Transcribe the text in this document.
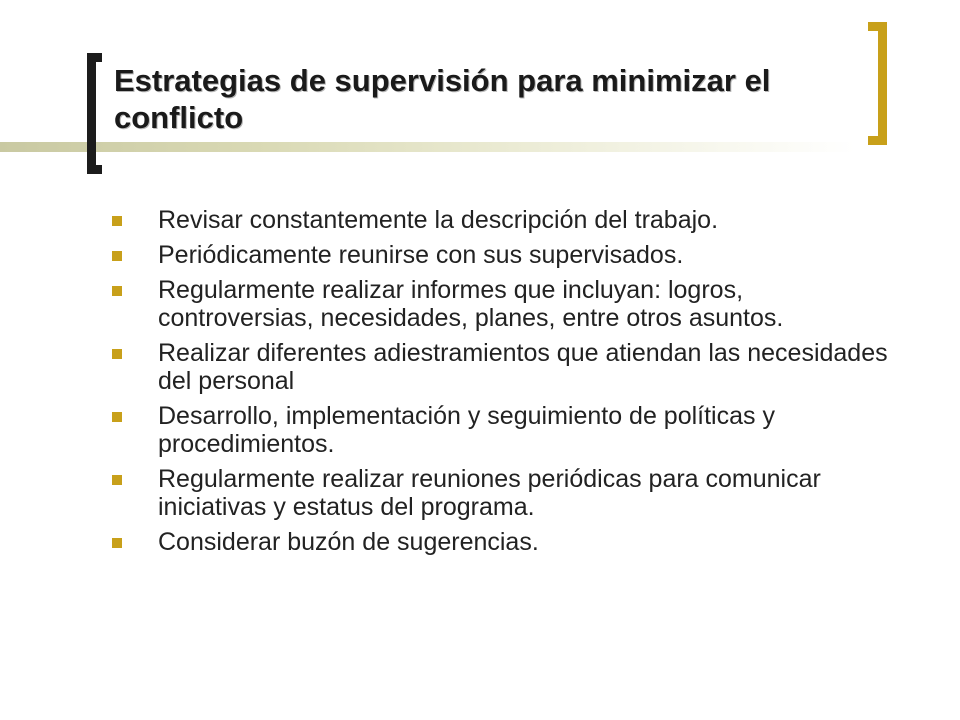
Estrategias de supervisión para minimizar el conflicto
Revisar constantemente la descripción del trabajo.
Periódicamente reunirse con sus supervisados.
Regularmente realizar informes que incluyan: logros, controversias, necesidades, planes, entre otros asuntos.
Realizar diferentes adiestramientos que atiendan las necesidades del personal
Desarrollo, implementación y seguimiento de políticas y procedimientos.
Regularmente realizar reuniones periódicas para comunicar iniciativas y estatus del programa.
Considerar buzón de sugerencias.
